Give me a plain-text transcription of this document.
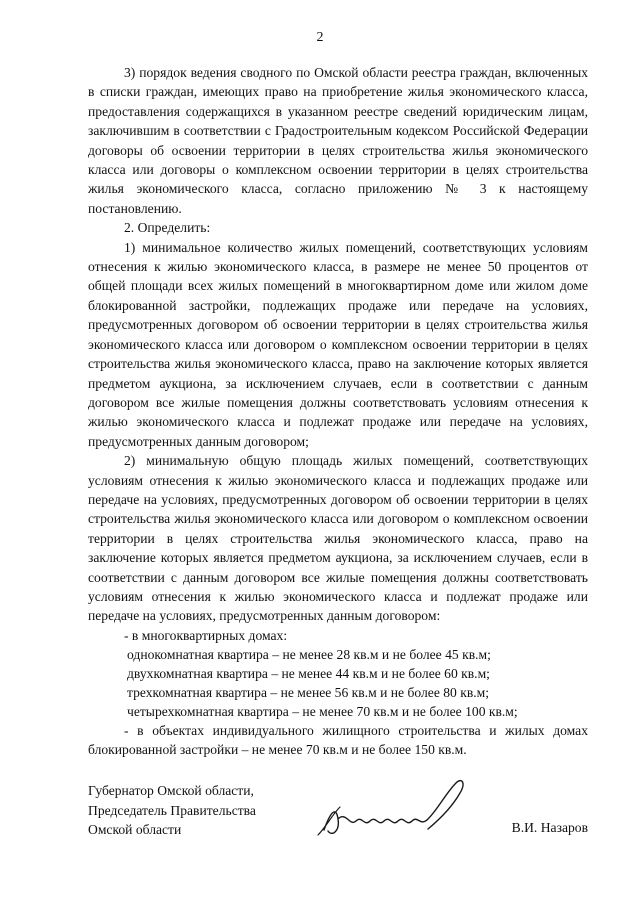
2

3) порядок ведения сводного по Омской области реестра граждан, включенных в списки граждан, имеющих право на приобретение жилья экономического класса, предоставления содержащихся в указанном реестре сведений юридическим лицам, заключившим в соответствии с Градостроительным кодексом Российской Федерации договоры об освоении территории в целях строительства жилья экономического класса или договоры о комплексном освоении территории в целях строительства жилья экономического класса, согласно приложению № 3 к настоящему постановлению.

2. Определить:

1) минимальное количество жилых помещений, соответствующих условиям отнесения к жилью экономического класса, в размере не менее 50 процентов от общей площади всех жилых помещений в многоквартирном доме или жилом доме блокированной застройки, подлежащих продаже или передаче на условиях, предусмотренных договором об освоении территории в целях строительства жилья экономического класса или договором о комплексном освоении территории в целях строительства жилья экономического класса, право на заключение которых является предметом аукциона, за исключением случаев, если в соответствии с данным договором все жилые помещения должны соответствовать условиям отнесения к жилью экономического класса и подлежат продаже или передаче на условиях, предусмотренных данным договором;

2) минимальную общую площадь жилых помещений, соответствующих условиям отнесения к жилью экономического класса и подлежащих продаже или передаче на условиях, предусмотренных договором об освоении территории в целях строительства жилья экономического класса или договором о комплексном освоении территории в целях строительства жилья экономического класса, право на заключение которых является предметом аукциона, за исключением случаев, если в соответствии с данным договором все жилые помещения должны соответствовать условиям отнесения к жилью экономического класса и подлежат продаже или передаче на условиях, предусмотренных данным договором:

- в многоквартирных домах:

однокомнатная квартира – не менее 28 кв.м и не более 45 кв.м;

двухкомнатная квартира – не менее 44 кв.м и не более 60 кв.м;

трехкомнатная квартира – не менее 56 кв.м и не более 80 кв.м;

четырехкомнатная квартира – не менее 70 кв.м и не более 100 кв.м;

- в объектах индивидуального жилищного строительства и жилых домах блокированной застройки – не менее 70 кв.м и не более 150 кв.м.

Губернатор Омской области,
Председатель Правительства
Омской области	В.И. Назаров
